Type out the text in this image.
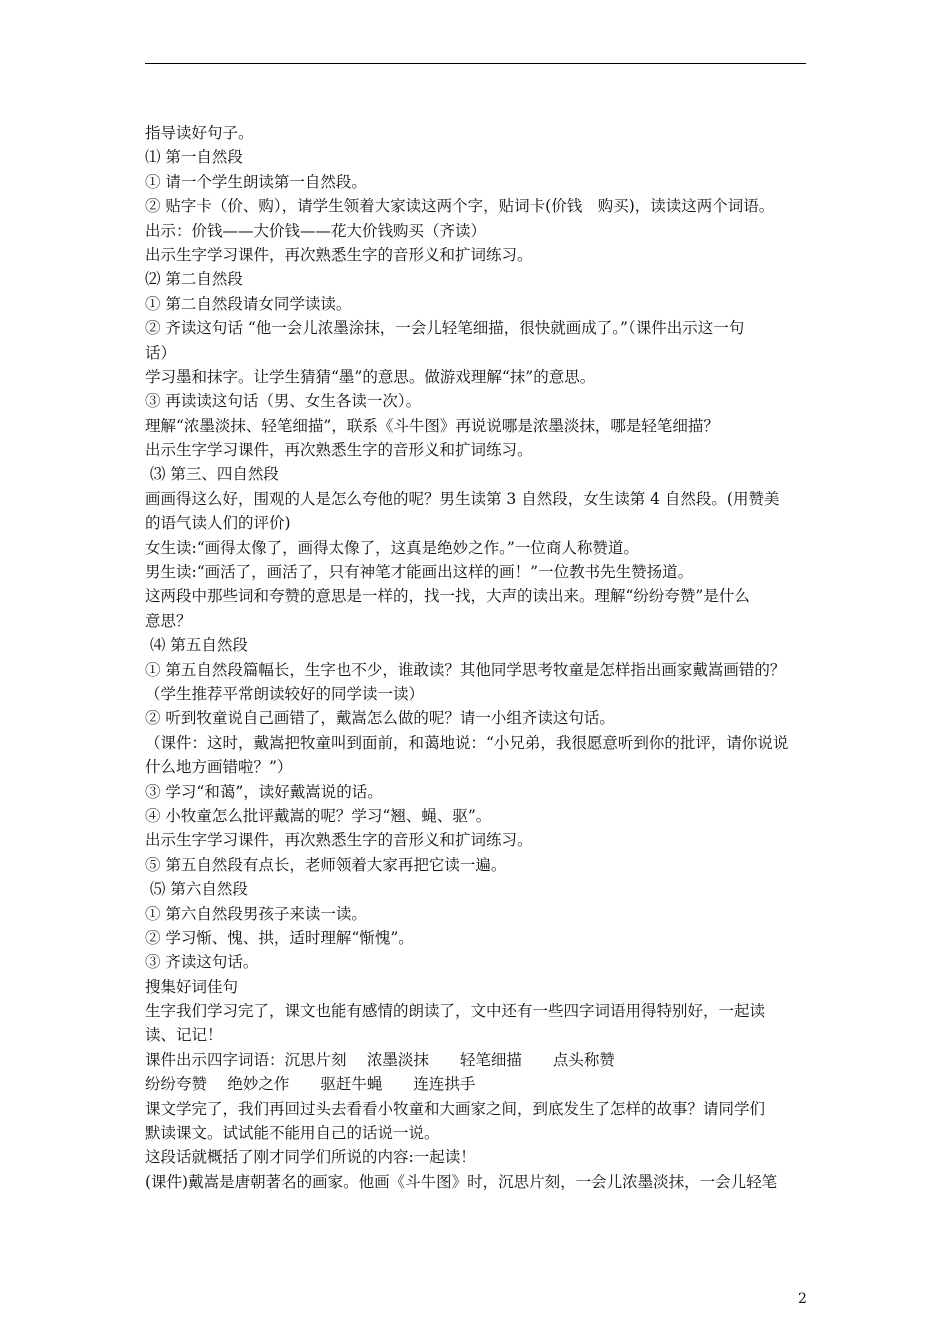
指导读好句子。
⑴ 第一自然段
① 请一个学生朗读第一自然段。
② 贴字卡（价、购），请学生领着大家读这两个字，贴词卡(价钱　购买)，读读这两个词语。
出示：价钱——大价钱——花大价钱购买（齐读）
出示生字学习课件，再次熟悉生字的音形义和扩词练习。
⑵ 第二自然段
① 第二自然段请女同学读读。
② 齐读这句话 “他一会儿浓墨涂抹，一会儿轻笔细描，很快就画成了。”（课件出示这一句
话）
学习墨和抹字。让学生猜猜“墨”的意思。做游戏理解“抹”的意思。
③ 再读读这句话（男、女生各读一次）。
理解“浓墨淡抹、轻笔细描”，联系《斗牛图》再说说哪是浓墨淡抹，哪是轻笔细描？
出示生字学习课件，再次熟悉生字的音形义和扩词练习。
⑶ 第三、四自然段
画画得这么好，围观的人是怎么夸他的呢？男生读第 3 自然段，女生读第 4 自然段。(用赞美
的语气读人们的评价)
女生读:“画得太像了，画得太像了，这真是绝妙之作。”一位商人称赞道。
男生读:“画活了，画活了，只有神笔才能画出这样的画！”一位教书先生赞扬道。
这两段中那些词和夸赞的意思是一样的，找一找，大声的读出来。理解“纷纷夸赞”是什么
意思？
⑷ 第五自然段
① 第五自然段篇幅长，生字也不少，谁敢读？其他同学思考牧童是怎样指出画家戴嵩画错的？
（学生推荐平常朗读较好的同学读一读）
② 听到牧童说自己画错了，戴嵩怎么做的呢？请一小组齐读这句话。
（课件：这时，戴嵩把牧童叫到面前，和蔼地说：“小兄弟，我很愿意听到你的批评，请你说说
什么地方画错啦？”）
③ 学习“和蔼”，读好戴嵩说的话。
④ 小牧童怎么批评戴嵩的呢？学习“翘、蝇、驱”。
出示生字学习课件，再次熟悉生字的音形义和扩词练习。
⑤ 第五自然段有点长，老师领着大家再把它读一遍。
⑸ 第六自然段
① 第六自然段男孩子来读一读。
② 学习惭、愧、拱，适时理解“惭愧”。
③ 齐读这句话。
搜集好词佳句
生字我们学习完了，课文也能有感情的朗读了，文中还有一些四字词语用得特别好，一起读
读、记记！
课件出示四字词语：沉思片刻　 浓墨淡抹　　轻笔细描　　点头称赞
纷纷夸赞　 绝妙之作　　驱赶牛蝇　　连连拱手
课文学完了，我们再回过头去看看小牧童和大画家之间，到底发生了怎样的故事？请同学们
默读课文。试试能不能用自己的话说一说。
这段话就概括了刚才同学们所说的内容:一起读！
(课件)戴嵩是唐朝著名的画家。他画《斗牛图》时，沉思片刻，一会儿浓墨淡抹，一会儿轻笔
2
